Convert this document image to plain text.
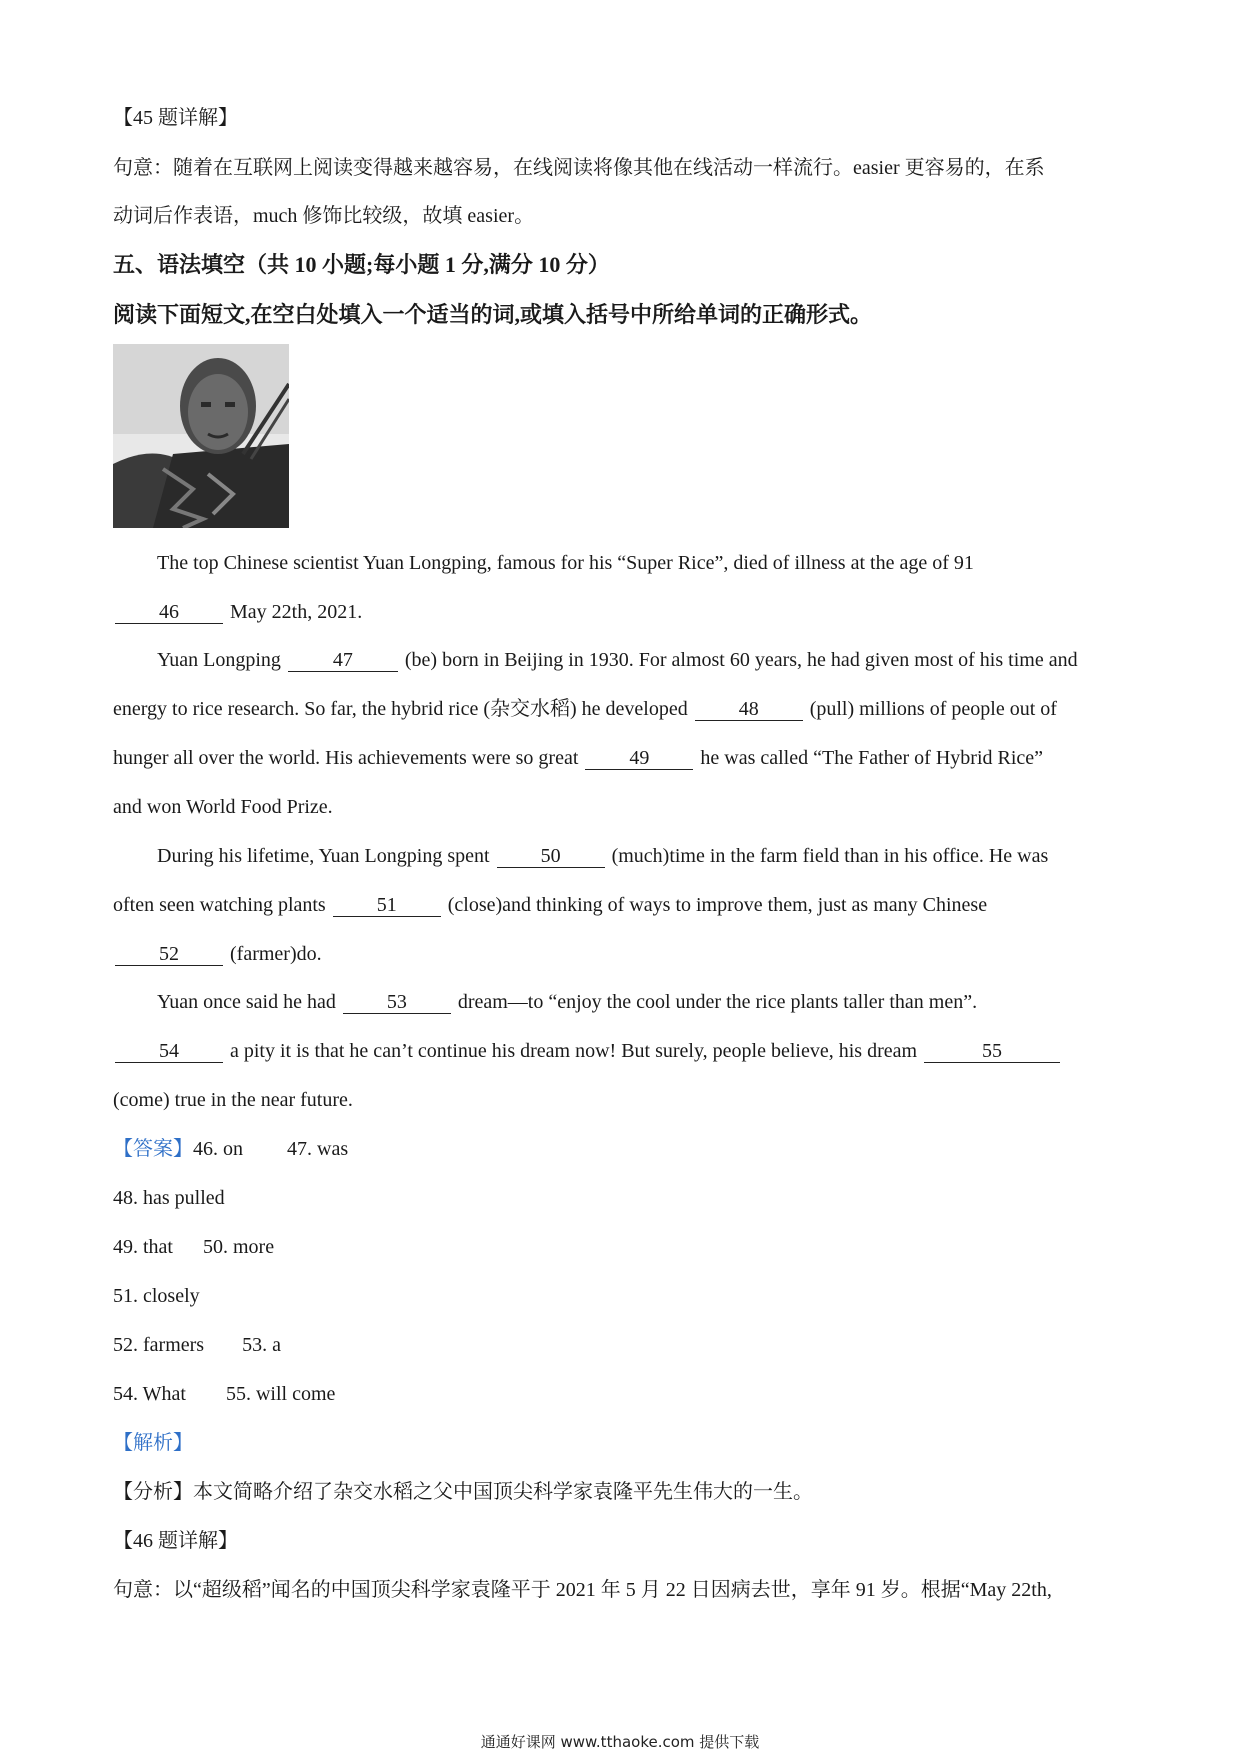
【45 题详解】
句意：随着在互联网上阅读变得越来越容易，在线阅读将像其他在线活动一样流行。easier 更容易的，在系
动词后作表语，much 修饰比较级，故填 easier。
五、语法填空（共 10 小题;每小题 1 分,满分 10 分）
阅读下面短文,在空白处填入一个适当的词,或填入括号中所给单词的正确形式。
The top Chinese scientist Yuan Longping, famous for his “Super Rice”, died of illness at the age of 91
46	May 22th, 2021.
Yuan Longping	47	(be) born in Beijing in 1930. For almost 60 years, he had given most of his time and
energy to rice research. So far, the hybrid rice (杂交水稻) he developed	48	(pull) millions of people out of
hunger all over the world. His achievements were so great	49	he was called “The Father of Hybrid Rice”
and won World Food Prize.
During his lifetime, Yuan Longping spent	50	(much)time in the farm field than in his office. He was
often seen watching plants	51	(close)and thinking of ways to improve them, just as many Chinese
52	(farmer)do.
Yuan once said he had	53	dream—to “enjoy the cool under the rice plants taller than men”.
54	a pity it is that he can’t continue his dream now! But surely, people believe, his dream	55
(come) true in the near future.
【答案】46. on 47. was
48. has pulled
49. that 50. more
51. closely
52. farmers 53. a
54. What 55. will come
【解析】
【分析】本文简略介绍了杂交水稻之父中国顶尖科学家袁隆平先生伟大的一生。
【46 题详解】
句意：以“超级稻”闻名的中国顶尖科学家袁隆平于 2021 年 5 月 22 日因病去世，享年 91 岁。根据“May 22th,
通通好课网 www.tthaoke.com 提供下载
